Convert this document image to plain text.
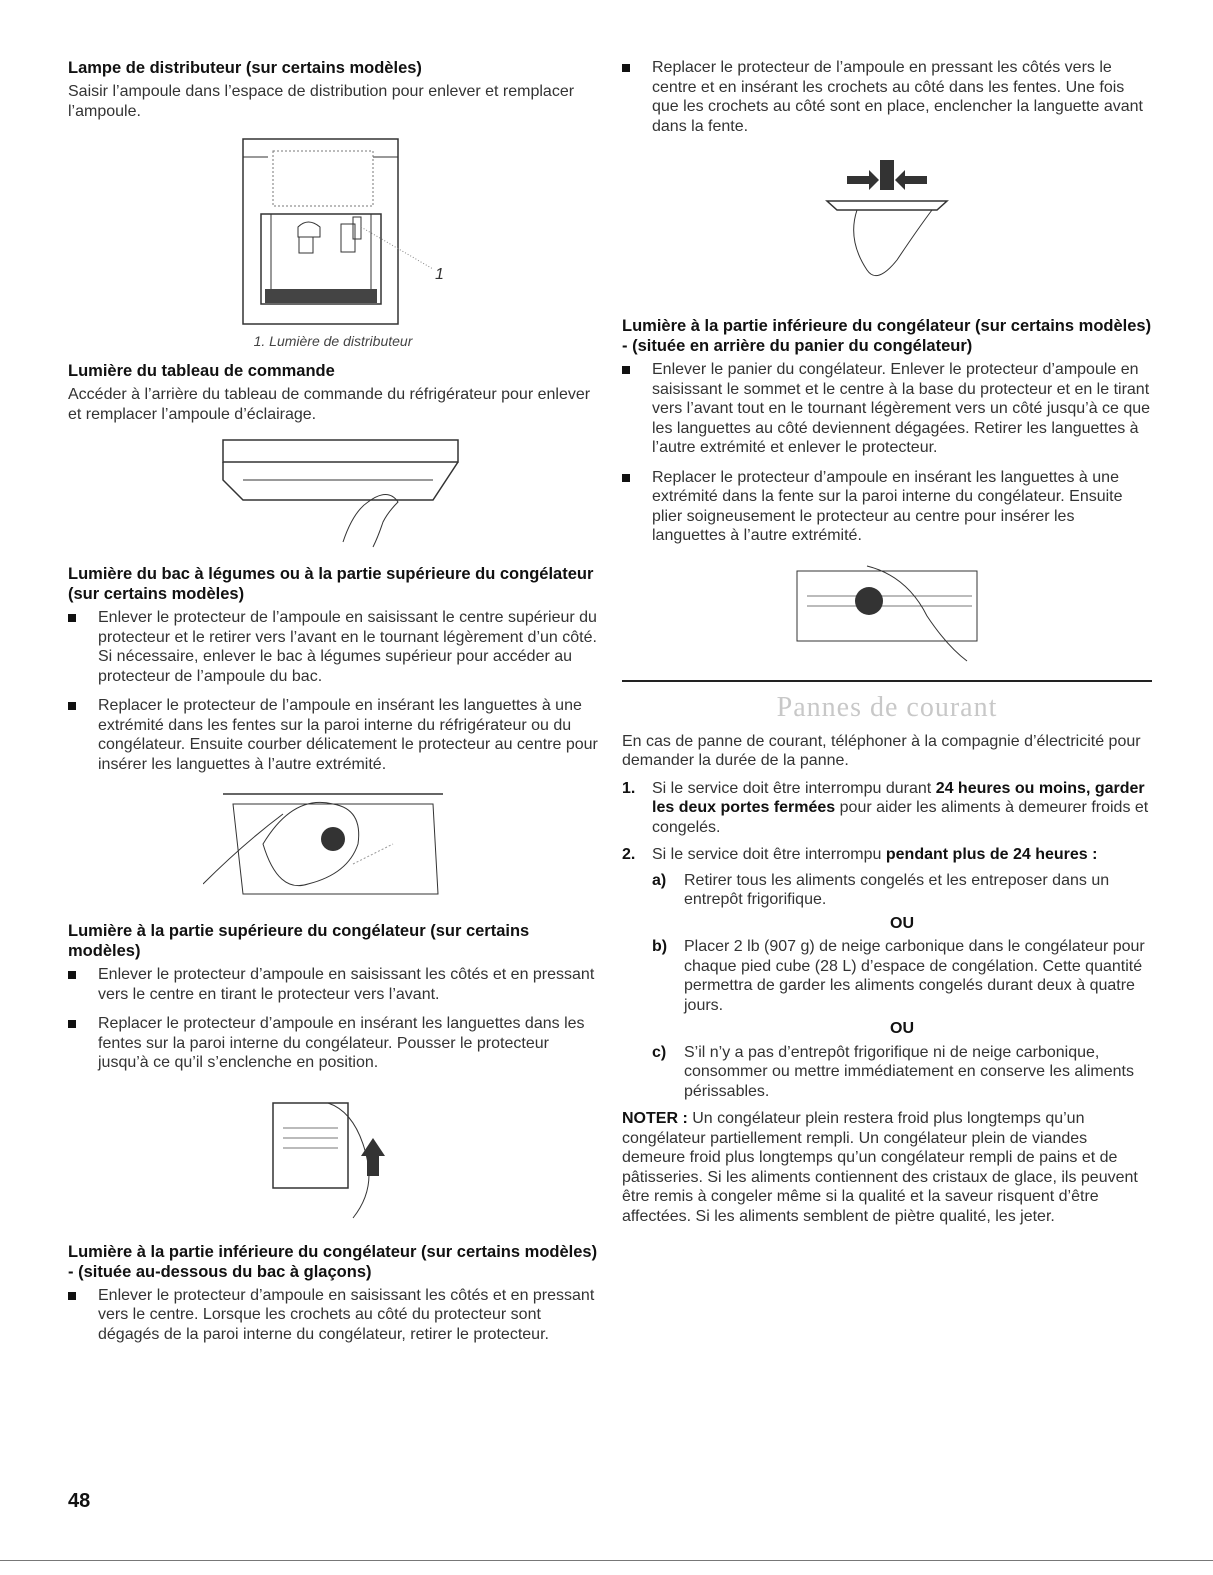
Lampe de distributeur (sur certains modèles)

Saisir l’ampoule dans l’espace de distribution pour enlever et remplacer l’ampoule.

1
1. Lumière de distributeur
Lumière du tableau de commande

Accéder à l’arrière du tableau de commande du réfrigérateur pour enlever et remplacer l’ampoule d’éclairage.

Lumière du bac à légumes ou à la partie supérieure du congélateur (sur certains modèles)
Enlever le protecteur de l’ampoule en saisissant le centre supérieur du protecteur et le retirer vers l’avant en le tournant légèrement d’un côté. Si nécessaire, enlever le bac à légumes supérieur pour accéder au protecteur de l’ampoule du bac.
Replacer le protecteur de l’ampoule en insérant les languettes à une extrémité dans les fentes sur la paroi interne du réfrigérateur ou du congélateur. Ensuite courber délicatement le protecteur au centre pour insérer les languettes à l’autre extrémité.
Lumière à la partie supérieure du congélateur (sur certains modèles)
Enlever le protecteur d’ampoule en saisissant les côtés et en pressant vers le centre en tirant le protecteur vers l’avant.
Replacer le protecteur d’ampoule en insérant les languettes dans les fentes sur la paroi interne du congélateur. Pousser le protecteur jusqu’à ce qu’il s’enclenche en position.
Lumière à la partie inférieure du congélateur (sur certains modèles) - (située au-dessous du bac à glaçons)
Enlever le protecteur d’ampoule en saisissant les côtés et en pressant vers le centre. Lorsque les crochets au côté du protecteur sont dégagés de la paroi interne du congélateur, retirer le protecteur.
Replacer le protecteur de l’ampoule en pressant les côtés vers le centre et en insérant les crochets au côté dans les fentes. Une fois que les crochets au côté sont en place, enclencher la languette avant dans la fente.
Lumière à la partie inférieure du congélateur (sur certains modèles) - (située en arrière du panier du congélateur)
Enlever le panier du congélateur. Enlever le protecteur d’ampoule en saisissant le sommet et le centre à la base du protecteur et en le tirant vers l’avant tout en le tournant légèrement vers un côté jusqu’à ce que les languettes au côté deviennent dégagées. Retirer les languettes à l’autre extrémité et enlever le protecteur.
Replacer le protecteur d’ampoule en insérant les languettes à une extrémité dans la fente sur la paroi interne du congélateur. Ensuite plier soigneusement le protecteur au centre pour insérer les languettes à l’autre extrémité.
Pannes de courant

En cas de panne de courant, téléphoner à la compagnie d’électricité pour demander la durée de la panne.

1. Si le service doit être interrompu durant 24 heures ou moins, garder les deux portes fermées pour aider les aliments à demeurer froids et congelés.
2. Si le service doit être interrompu pendant plus de 24 heures :
a) Retirer tous les aliments congelés et les entreposer dans un entrepôt frigorifique.
OU
b) Placer 2 lb (907 g) de neige carbonique dans le congélateur pour chaque pied cube (28 L) d’espace de congélation. Cette quantité permettra de garder les aliments congelés durant deux à quatre jours.
OU
c) S’il n’y a pas d’entrepôt frigorifique ni de neige carbonique, consommer ou mettre immédiatement en conserve les aliments périssables.

NOTER : Un congélateur plein restera froid plus longtemps qu’un congélateur partiellement rempli. Un congélateur plein de viandes demeure froid plus longtemps qu’un congélateur rempli de pains et de pâtisseries. Si les aliments contiennent des cristaux de glace, ils peuvent être remis à congeler même si la qualité et la saveur risquent d’être affectées. Si les aliments semblent de piètre qualité, les jeter.

48
